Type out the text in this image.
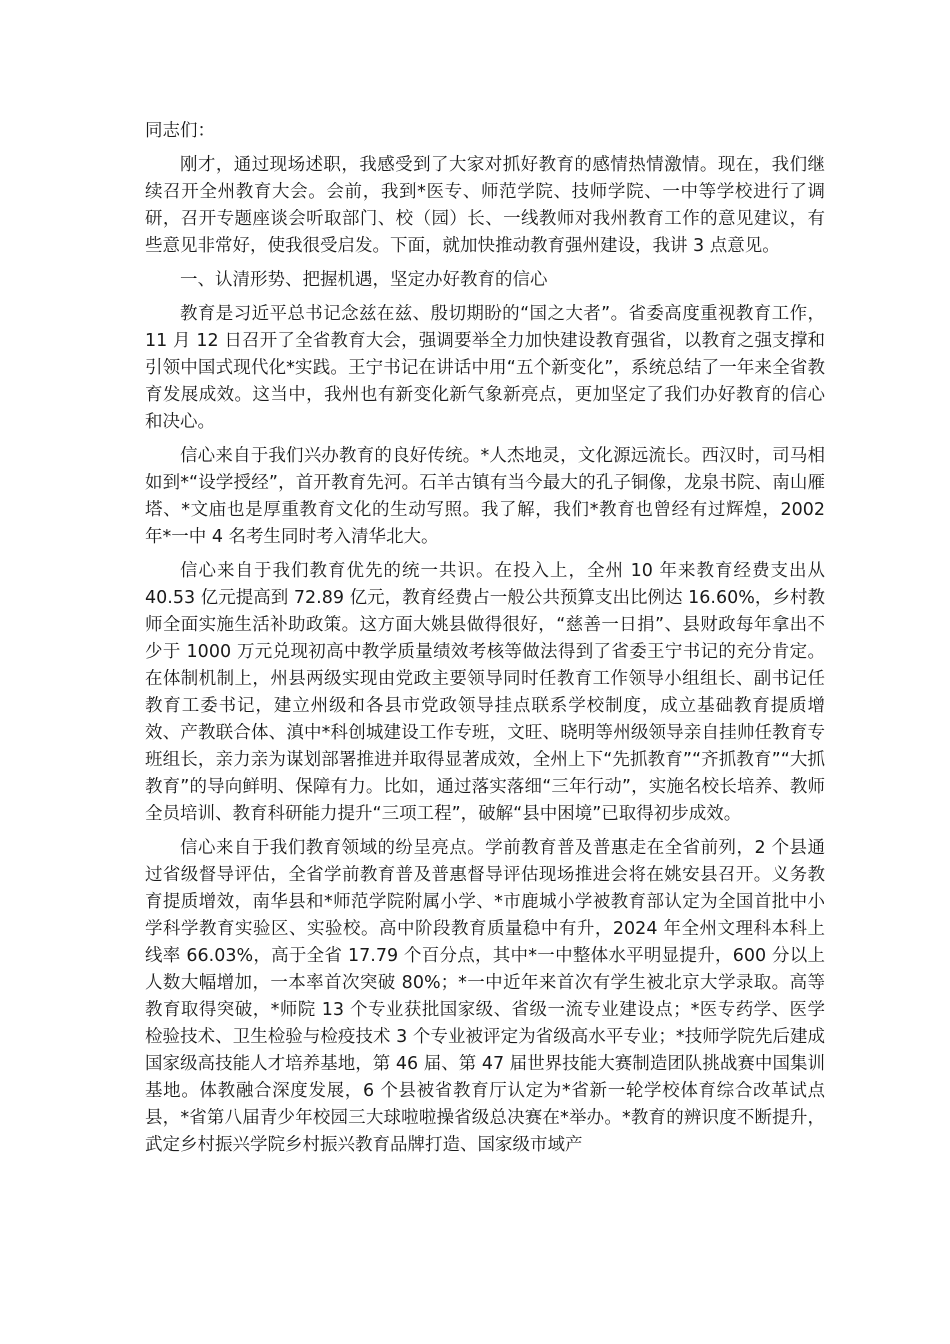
同志们：

刚才，通过现场述职，我感受到了大家对抓好教育的感情热情激情。现在，我们继续召开全州教育大会。会前，我到*医专、师范学院、技师学院、一中等学校进行了调研，召开专题座谈会听取部门、校（园）长、一线教师对我州教育工作的意见建议，有些意见非常好，使我很受启发。下面，就加快推动教育强州建设，我讲 3 点意见。

一、认清形势、把握机遇，坚定办好教育的信心

教育是习近平总书记念兹在兹、殷切期盼的“国之大者”。省委高度重视教育工作，11 月 12 日召开了全省教育大会，强调要举全力加快建设教育强省，以教育之强支撑和引领中国式现代化*实践。王宁书记在讲话中用“五个新变化”，系统总结了一年来全省教育发展成效。这当中，我州也有新变化新气象新亮点，更加坚定了我们办好教育的信心和决心。

信心来自于我们兴办教育的良好传统。*人杰地灵，文化源远流长。西汉时，司马相如到*“设学授经”，首开教育先河。石羊古镇有当今最大的孔子铜像，龙泉书院、南山雁塔、*文庙也是厚重教育文化的生动写照。我了解，我们*教育也曾经有过辉煌，2002 年*一中 4 名考生同时考入清华北大。

信心来自于我们教育优先的统一共识。在投入上，全州 10 年来教育经费支出从 40.53 亿元提高到 72.89 亿元，教育经费占一般公共预算支出比例达 16.60%，乡村教师全面实施生活补助政策。这方面大姚县做得很好，“慈善一日捐”、县财政每年拿出不少于 1000 万元兑现初高中教学质量绩效考核等做法得到了省委王宁书记的充分肯定。在体制机制上，州县两级实现由党政主要领导同时任教育工作领导小组组长、副书记任教育工委书记，建立州级和各县市党政领导挂点联系学校制度，成立基础教育提质增效、产教联合体、滇中*科创城建设工作专班，文旺、晓明等州级领导亲自挂帅任教育专班组长，亲力亲为谋划部署推进并取得显著成效，全州上下“先抓教育”“齐抓教育”“大抓教育”的导向鲜明、保障有力。比如，通过落实落细“三年行动”，实施名校长培养、教师全员培训、教育科研能力提升“三项工程”，破解“县中困境”已取得初步成效。

信心来自于我们教育领域的纷呈亮点。学前教育普及普惠走在全省前列，2 个县通过省级督导评估，全省学前教育普及普惠督导评估现场推进会将在姚安县召开。义务教育提质增效，南华县和*师范学院附属小学、*市鹿城小学被教育部认定为全国首批中小学科学教育实验区、实验校。高中阶段教育质量稳中有升，2024 年全州文理科本科上线率 66.03%，高于全省 17.79 个百分点，其中*一中整体水平明显提升，600 分以上人数大幅增加，一本率首次突破 80%；*一中近年来首次有学生被北京大学录取。高等教育取得突破，*师院 13 个专业获批国家级、省级一流专业建设点；*医专药学、医学检验技术、卫生检验与检疫技术 3 个专业被评定为省级高水平专业；*技师学院先后建成国家级高技能人才培养基地，第 46 届、第 47 届世界技能大赛制造团队挑战赛中国集训基地。体教融合深度发展，6 个县被省教育厅认定为*省新一轮学校体育综合改革试点县，*省第八届青少年校园三大球啦啦操省级总决赛在*举办。*教育的辨识度不断提升，武定乡村振兴学院乡村振兴教育品牌打造、国家级市域产
